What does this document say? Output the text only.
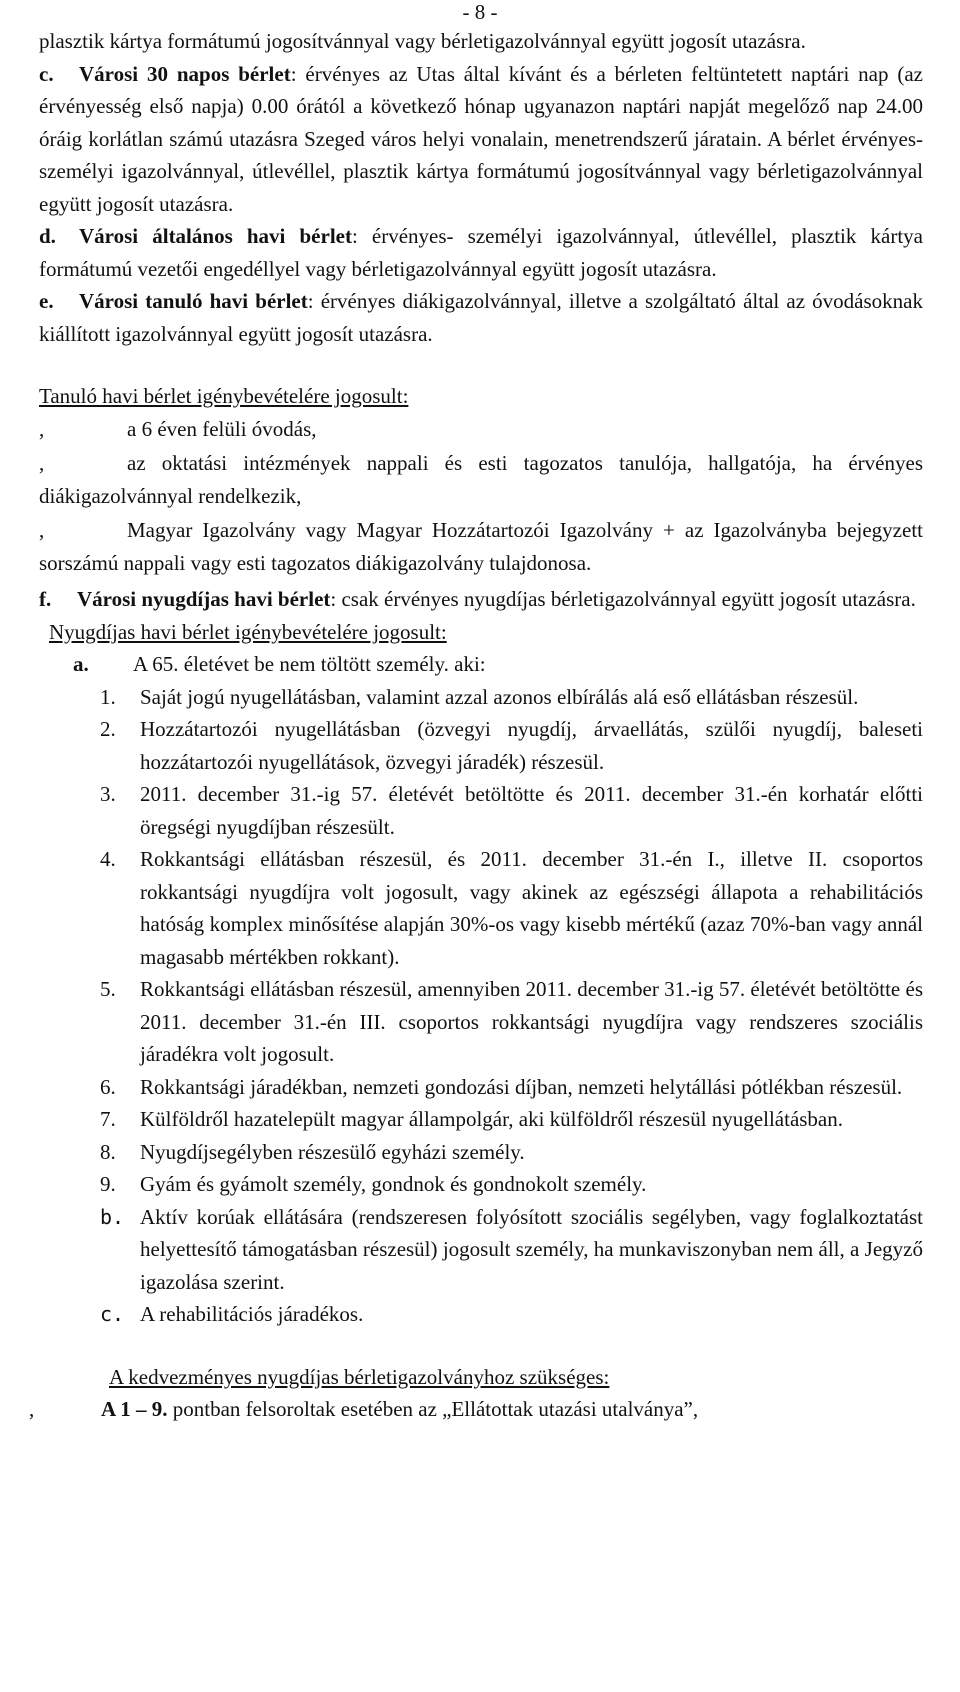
- 8 -

plasztik kártya formátumú jogosítvánnyal vagy bérletigazolvánnyal együtt jogosít utazásra.

c. Városi 30 napos bérlet: érvényes az Utas által kívánt és a bérleten feltüntetett naptári nap (az érvényesség első napja) 0.00 órától a következő hónap ugyanazon naptári napját megelőző nap 24.00 óráig korlátlan számú utazásra Szeged város helyi vonalain, menetrendszerű járatain. A bérlet érvényes- személyi igazolvánnyal, útlevéllel, plasztik kártya formátumú jogosítvánnyal vagy bérletigazolvánnyal együtt jogosít utazásra.

d. Városi általános havi bérlet: érvényes- személyi igazolvánnyal, útlevéllel, plasztik kártya formátumú vezetői engedéllyel vagy bérletigazolvánnyal együtt jogosít utazásra.

e. Városi tanuló havi bérlet: érvényes diákigazolvánnyal, illetve a szolgáltató által az óvodásoknak kiállított igazolvánnyal együtt jogosít utazásra.

Tanuló havi bérlet igénybevételére jogosult:

,	a 6 éven felüli óvodás,

,	az oktatási intézmények nappali és esti tagozatos tanulója, hallgatója, ha érvényes diákigazolvánnyal rendelkezik,

,	Magyar Igazolvány vagy Magyar Hozzátartozói Igazolvány + az Igazolványba bejegyzett sorszámú nappali vagy esti tagozatos diákigazolvány tulajdonosa.

f. Városi nyugdíjas havi bérlet: csak érvényes nyugdíjas bérletigazolvánnyal együtt jogosít utazásra.

Nyugdíjas havi bérlet igénybevételére jogosult:

a.	A 65. életévet be nem töltött személy. aki:
1.	Saját jogú nyugellátásban, valamint azzal azonos elbírálás alá eső ellátásban részesül.
2.	Hozzátartozói nyugellátásban (özvegyi nyugdíj, árvaellátás, szülői nyugdíj, baleseti hozzátartozói nyugellátások, özvegyi járadék) részesül.
3.	2011. december 31.-ig 57. életévét betöltötte és 2011. december 31.-én korhatár előtti öregségi nyugdíjban részesült.
4.	Rokkantsági ellátásban részesül, és 2011. december 31.-én I., illetve II. csoportos rokkantsági nyugdíjra volt jogosult, vagy akinek az egészségi állapota a rehabilitációs hatóság komplex minősítése alapján 30%-os vagy kisebb mértékű (azaz 70%-ban vagy annál magasabb mértékben rokkant).
5.	Rokkantsági ellátásban részesül, amennyiben 2011. december 31.-ig 57. életévét betöltötte és 2011. december 31.-én III. csoportos rokkantsági nyugdíjra vagy rendszeres szociális járadékra volt jogosult.
6.	Rokkantsági járadékban, nemzeti gondozási díjban, nemzeti helytállási pótlékban részesül.
7.	Külföldről hazatelepült magyar állampolgár, aki külföldről részesül nyugellátásban.
8.	Nyugdíjsegélyben részesülő egyházi személy.
9.	Gyám és gyámolt személy, gondnok és gondnokolt személy.
b. Aktív korúak ellátására (rendszeresen folyósított szociális segélyben, vagy foglalkoztatást helyettesítő támogatásban részesül) jogosult személy, ha munkaviszonyban nem áll, a Jegyző igazolása szerint.
c. A rehabilitációs járadékos.

A kedvezményes nyugdíjas bérletigazolványhoz szükséges:

,	A 1 – 9. pontban felsoroltak esetében az „Ellátottak utazási utalványa”,
